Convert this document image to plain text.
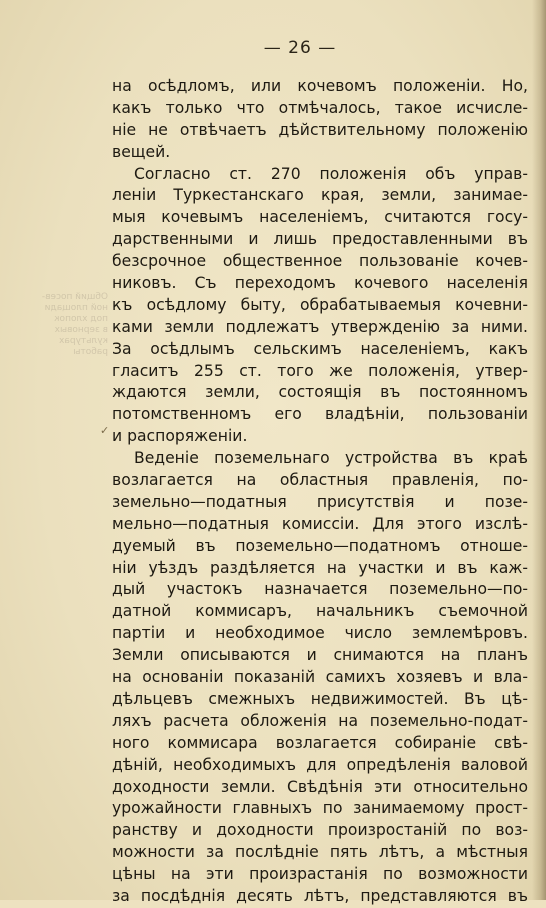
— 26 —
Общий посев-
ной площади
под хлопок
в зерновых
культурах
работы
✓
на осѣдломъ, или кочевомъ положеніи. Но,
какъ только что отмѣчалось, такое исчисле-
ніе не отвѣчаетъ дѣйствительному положенію
вещей.
Согласно ст. 270 положенія объ управ-
леніи Туркестанскаго края, земли, занимае-
мыя кочевымъ населеніемъ, считаются госу-
дарственными и лишь предоставленными въ
безсрочное общественное пользованіе кочев-
никовъ. Съ переходомъ кочевого населенія
къ осѣдлому быту, обрабатываемыя кочевни-
ками земли подлежатъ утвержденію за ними.
За осѣдлымъ сельскимъ населеніемъ, какъ
гласитъ 255 ст. того же положенія, утвер-
ждаются земли, состоящія въ постоянномъ
потомственномъ его владѣніи, пользованіи
и распоряженіи.
Веденіе поземельнаго устройства въ краѣ
возлагается на областныя правленія, по-
земельно—податныя присутствія и позе-
мельно—податныя комиссіи. Для этого изслѣ-
дуемый въ поземельно—податномъ отноше-
ніи уѣздъ раздѣляется на участки и въ каж-
дый участокъ назначается поземельно—по-
датной коммисаръ, начальникъ съемочной
партіи и необходимое число землемѣровъ.
Земли описываются и снимаются на планъ
на основаніи показаній самихъ хозяевъ и вла-
дѣльцевъ смежныхъ недвижимостей. Въ цѣ-
ляхъ расчета обложенія на поземельно-подат-
ного коммисара возлагается собираніе свѣ-
дѣній, необходимыхъ для опредѣленія валовой
доходности земли. Свѣдѣнія эти относительно
урожайности главныхъ по занимаемому прост-
ранству и доходности произростаній по воз-
можности за послѣдніе пять лѣтъ, а мѣстныя
цѣны на эти произрастанія по возможности
за посдѣднія десять лѣтъ, представляются въ
